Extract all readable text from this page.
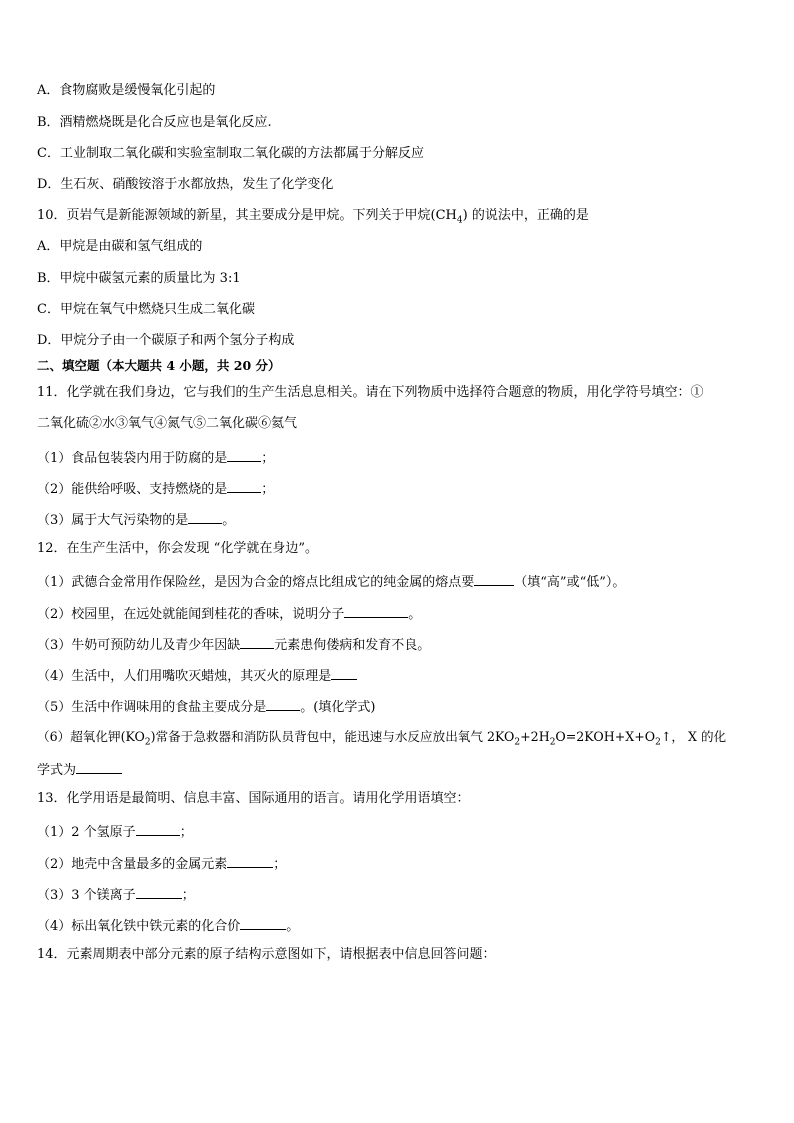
A．食物腐败是缓慢氧化引起的
B．酒精燃烧既是化合反应也是氧化反应.
C．工业制取二氧化碳和实验室制取二氧化碳的方法都属于分解反应
D．生石灰、硝酸铵溶于水都放热，发生了化学变化
10．页岩气是新能源领域的新星，其主要成分是甲烷。下列关于甲烷$(CH_4)$ 的说法中，正确的是
A．甲烷是由碳和氢气组成的
B．甲烷中碳氢元素的质量比为 3:1
C．甲烷在氧气中燃烧只生成二氧化碳
D．甲烷分子由一个碳原子和两个氢分子构成
二、填空题（本大题共 4 小题，共 20 分）
11．化学就在我们身边，它与我们的生产生活息息相关。请在下列物质中选择符合题意的物质，用化学符号填空：①
二氧化硫②水③氧气④氮气⑤二氧化碳⑥氦气
（1）食品包装袋内用于防腐的是	；
（2）能供给呼吸、支持燃烧的是	；
（3）属于大气污染物的是	。
12．在生产生活中，你会发现 “化学就在身边”。
（1）武德合金常用作保险丝，是因为合金的熔点比组成它的纯金属的熔点要	（填“高”或“低”）。
（2）校园里，在远处就能闻到桂花的香味，说明分子	。
（3）牛奶可预防幼儿及青少年因缺	元素患佝偻病和发育不良。
（4）生活中，人们用嘴吹灭蜡烛，其灭火的原理是
（5）生活中作调味用的食盐主要成分是	。(填化学式)
（6）超氧化钾$(KO_2)$常备于急救器和消防队员背包中，能迅速与水反应放出氧气 $2KO_2+2H_2O=2KOH+X+O_2↑$， X 的化
学式为
13．化学用语是最简明、信息丰富、国际通用的语言。请用化学用语填空：
（1）2 个氢原子	；
（2）地壳中含量最多的金属元素	；
（3）3 个镁离子	；
（4）标出氧化铁中铁元素的化合价	。
14．元素周期表中部分元素的原子结构示意图如下，请根据表中信息回答问题：
